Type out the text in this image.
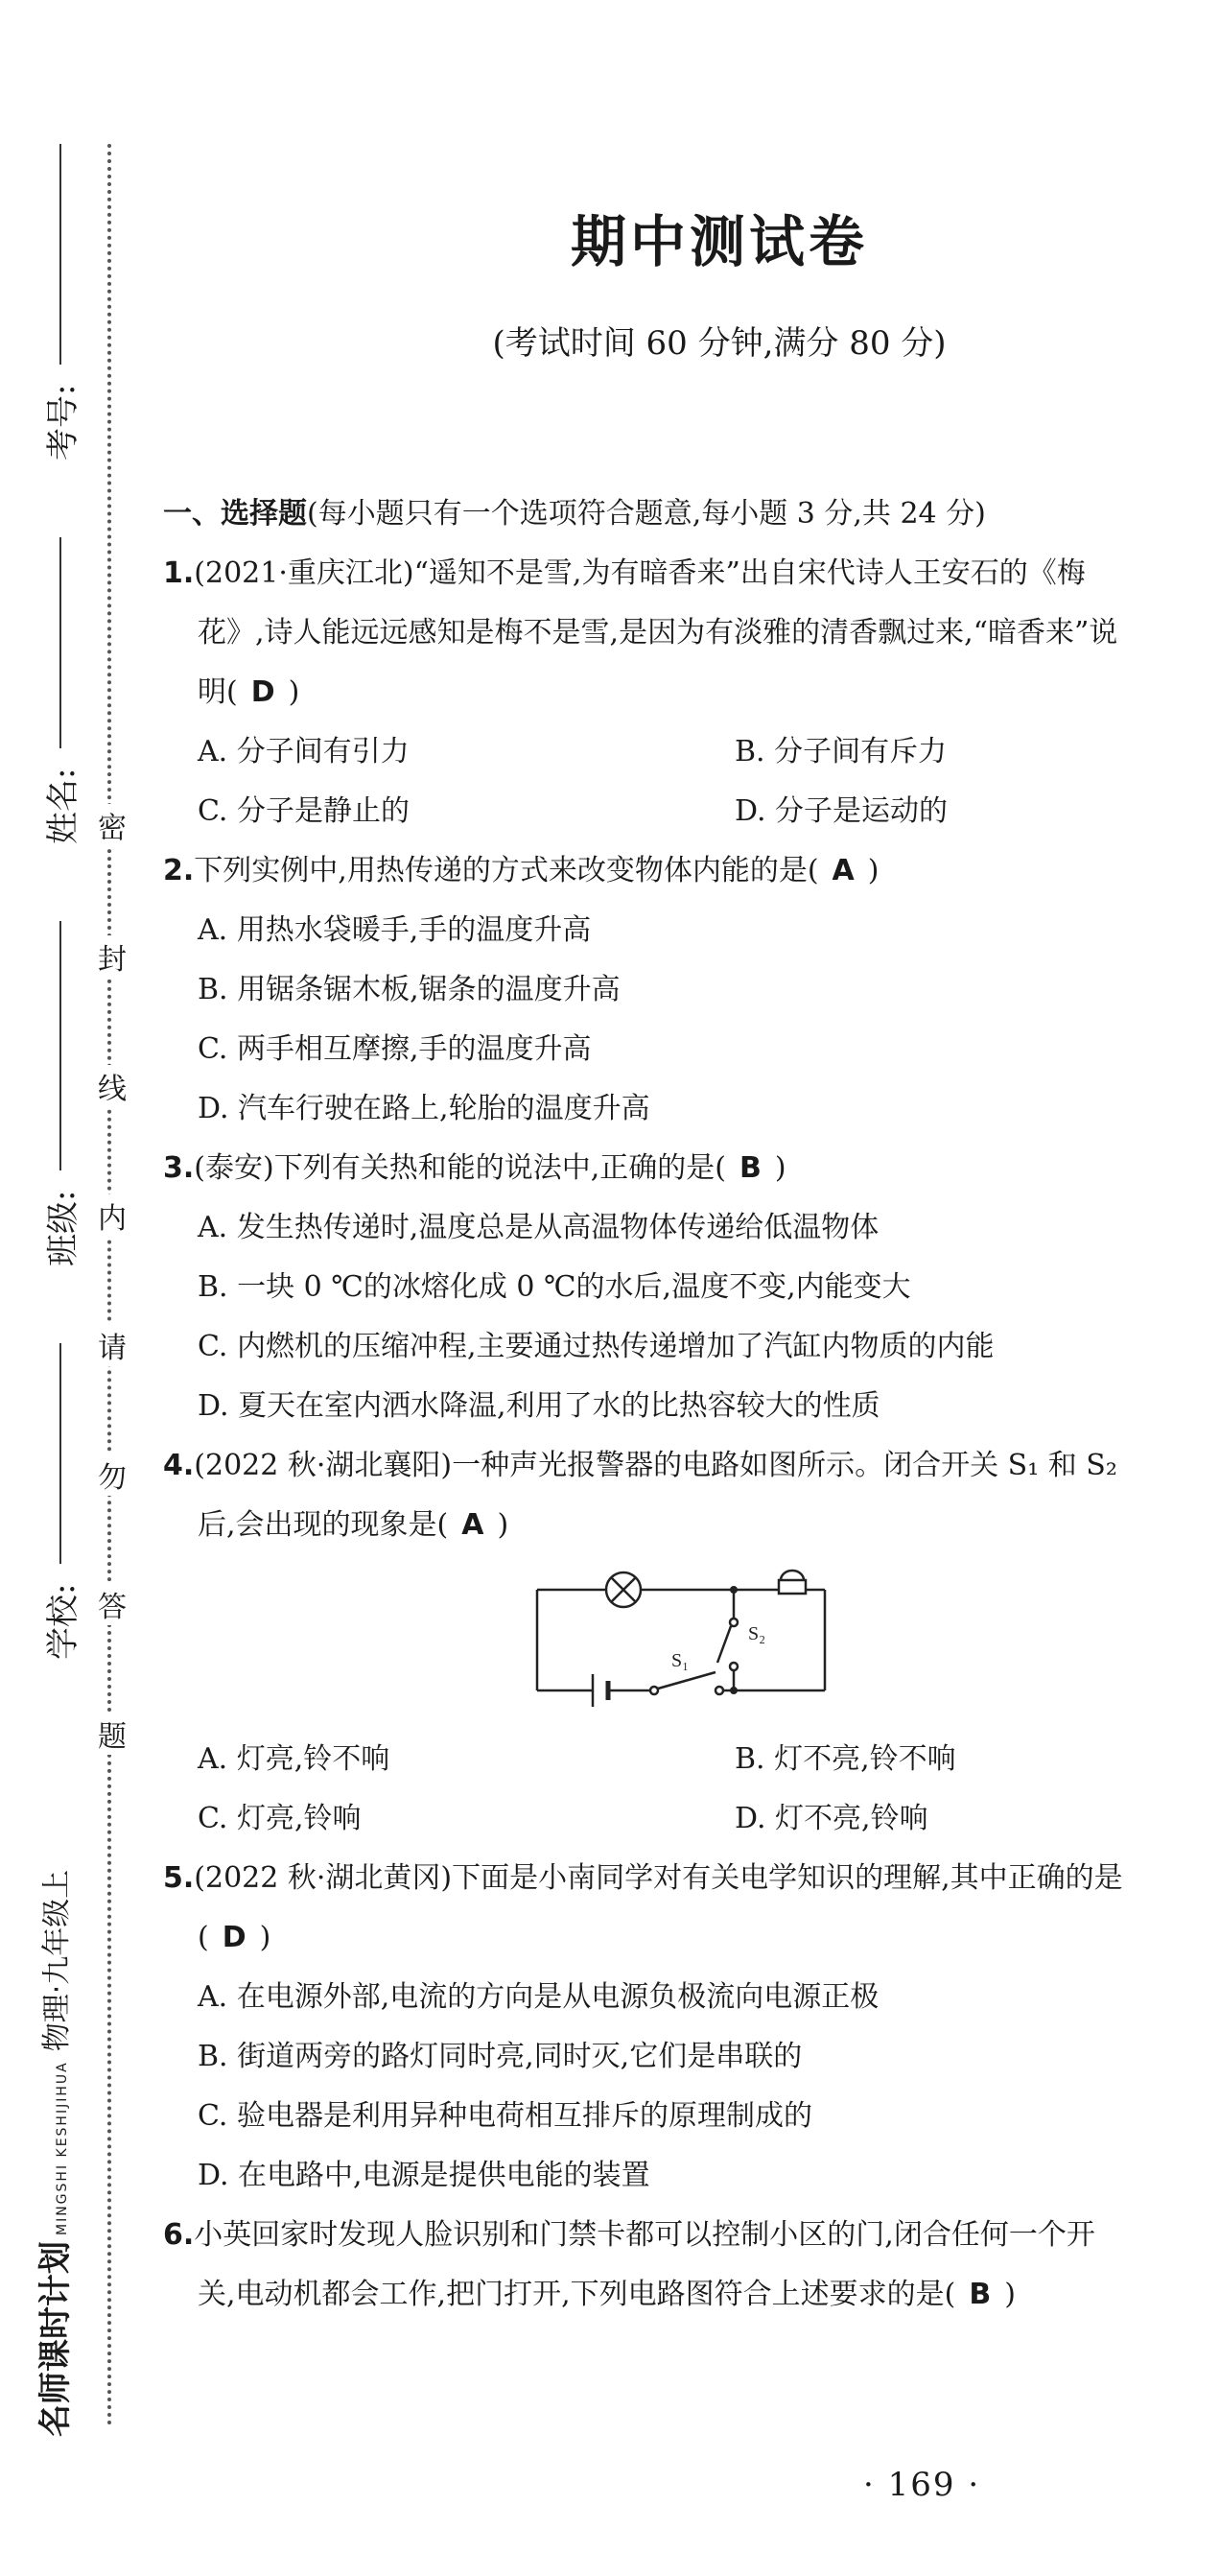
考号:
姓名:
班级:
学校:
密
封
线
内
请
勿
答
题
名师课时计划MINGSHI KESHIJIHUA物理·九年级上
期中测试卷
(考试时间 60 分钟,满分 80 分)
一、选择题(每小题只有一个选项符合题意,每小题 3 分,共 24 分)
1.(2021·重庆江北)“遥知不是雪,为有暗香来”出自宋代诗人王安石的《梅
花》,诗人能远远感知是梅不是雪,是因为有淡雅的清香飘过来,“暗香来”说
明( D )
A. 分子间有引力	B. 分子间有斥力
C. 分子是静止的	D. 分子是运动的
2.下列实例中,用热传递的方式来改变物体内能的是( A )
A. 用热水袋暖手,手的温度升高
B. 用锯条锯木板,锯条的温度升高
C. 两手相互摩擦,手的温度升高
D. 汽车行驶在路上,轮胎的温度升高
3.(泰安)下列有关热和能的说法中,正确的是( B )
A. 发生热传递时,温度总是从高温物体传递给低温物体
B. 一块 0 ℃的冰熔化成 0 ℃的水后,温度不变,内能变大
C. 内燃机的压缩冲程,主要通过热传递增加了汽缸内物质的内能
D. 夏天在室内洒水降温,利用了水的比热容较大的性质
4.(2022 秋·湖北襄阳)一种声光报警器的电路如图所示。闭合开关 S₁ 和 S₂
后,会出现的现象是( A )
S₁
S₂
A. 灯亮,铃不响	B. 灯不亮,铃不响
C. 灯亮,铃响	D. 灯不亮,铃响
5.(2022 秋·湖北黄冈)下面是小南同学对有关电学知识的理解,其中正确的是
( D )
A. 在电源外部,电流的方向是从电源负极流向电源正极
B. 街道两旁的路灯同时亮,同时灭,它们是串联的
C. 验电器是利用异种电荷相互排斥的原理制成的
D. 在电路中,电源是提供电能的装置
6.小英回家时发现人脸识别和门禁卡都可以控制小区的门,闭合任何一个开
关,电动机都会工作,把门打开,下列电路图符合上述要求的是( B )
· 169 ·
